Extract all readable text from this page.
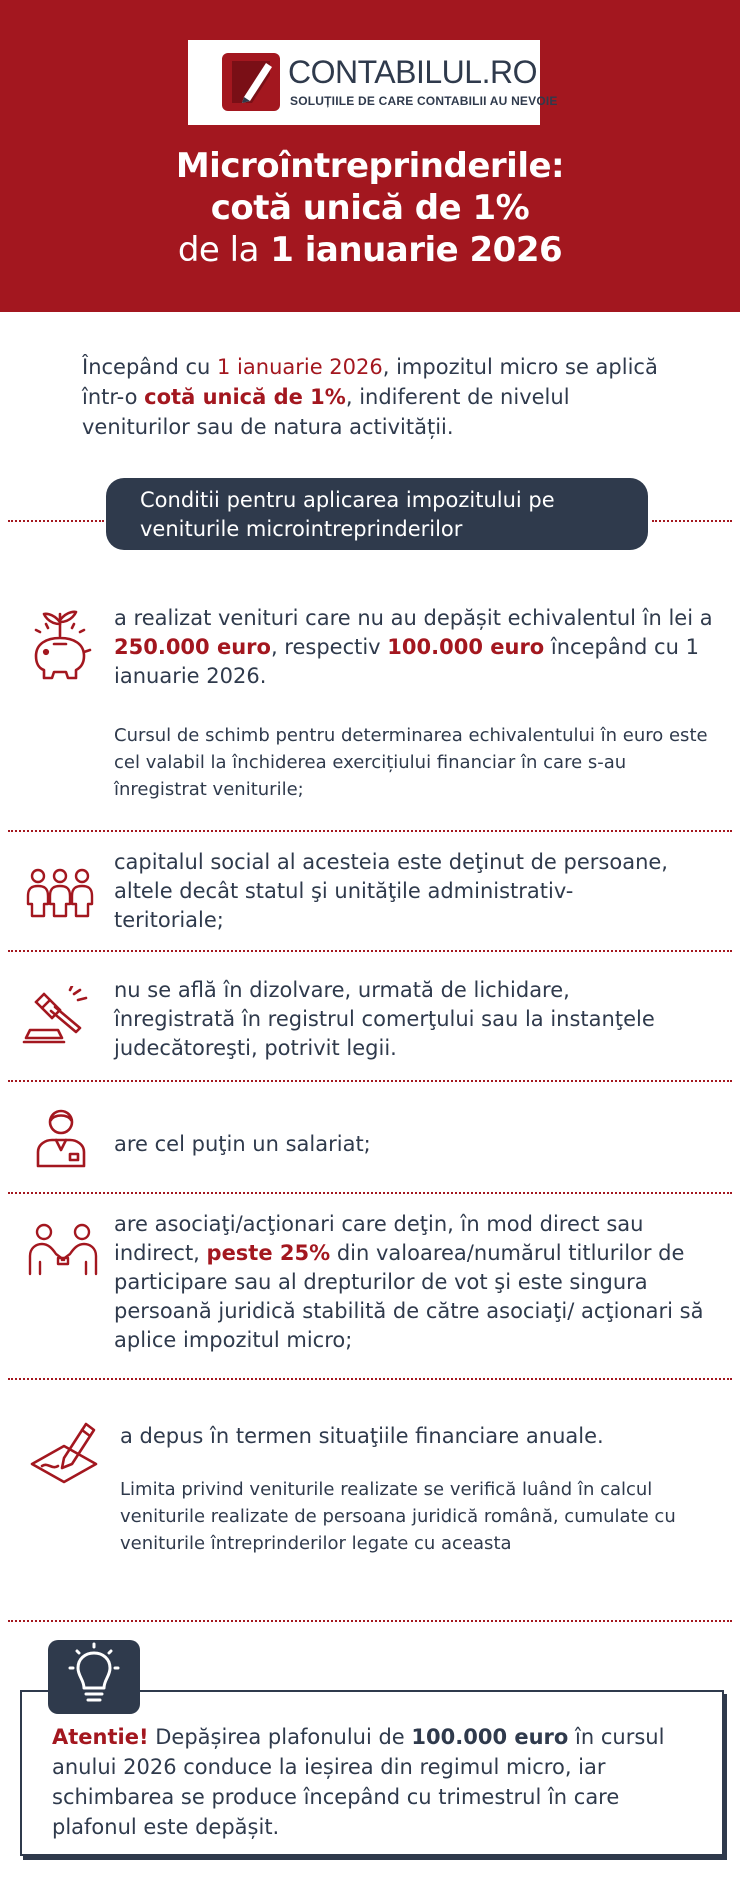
CONTABILUL.RO
SOLUȚIILE DE CARE CONTABILII AU NEVOIE
Microîntreprinderile:
cotă unică de 1%
de la 1 ianuarie 2026

Începând cu 1 ianuarie 2026, impozitul micro se aplică într-o cotă unică de 1%, indiferent de nivelul veniturilor sau de natura activității.

Conditii pentru aplicarea impozitului pe veniturile microintreprinderilor
a realizat venituri care nu au depășit echivalentul în lei a 250.000 euro, respectiv 100.000 euro începând cu 1 ianuarie 2026.
Cursul de schimb pentru determinarea echivalentului în euro este cel valabil la închiderea exercițiului financiar în care s-au înregistrat veniturile;
capitalul social al acesteia este deţinut de persoane, altele decât statul şi unităţile administrativ-teritoriale;
nu se află în dizolvare, urmată de lichidare, înregistrată în registrul comerţului sau la instanţele judecătoreşti, potrivit legii.
are cel puţin un salariat;
are asociaţi/acţionari care deţin, în mod direct sau indirect, peste 25% din valoarea/numărul titlurilor de participare sau al drepturilor de vot şi este singura persoană juridică stabilită de către asociaţi/ acţionari să aplice impozitul micro;
a depus în termen situaţiile financiare anuale.
Limita privind veniturile realizate se verifică luând în calcul veniturile realizate de persoana juridică română, cumulate cu veniturile întreprinderilor legate cu aceasta

Atentie! Depășirea plafonului de 100.000 euro în cursul anului 2026 conduce la ieșirea din regimul micro, iar schimbarea se produce începând cu trimestrul în care plafonul este depășit.
